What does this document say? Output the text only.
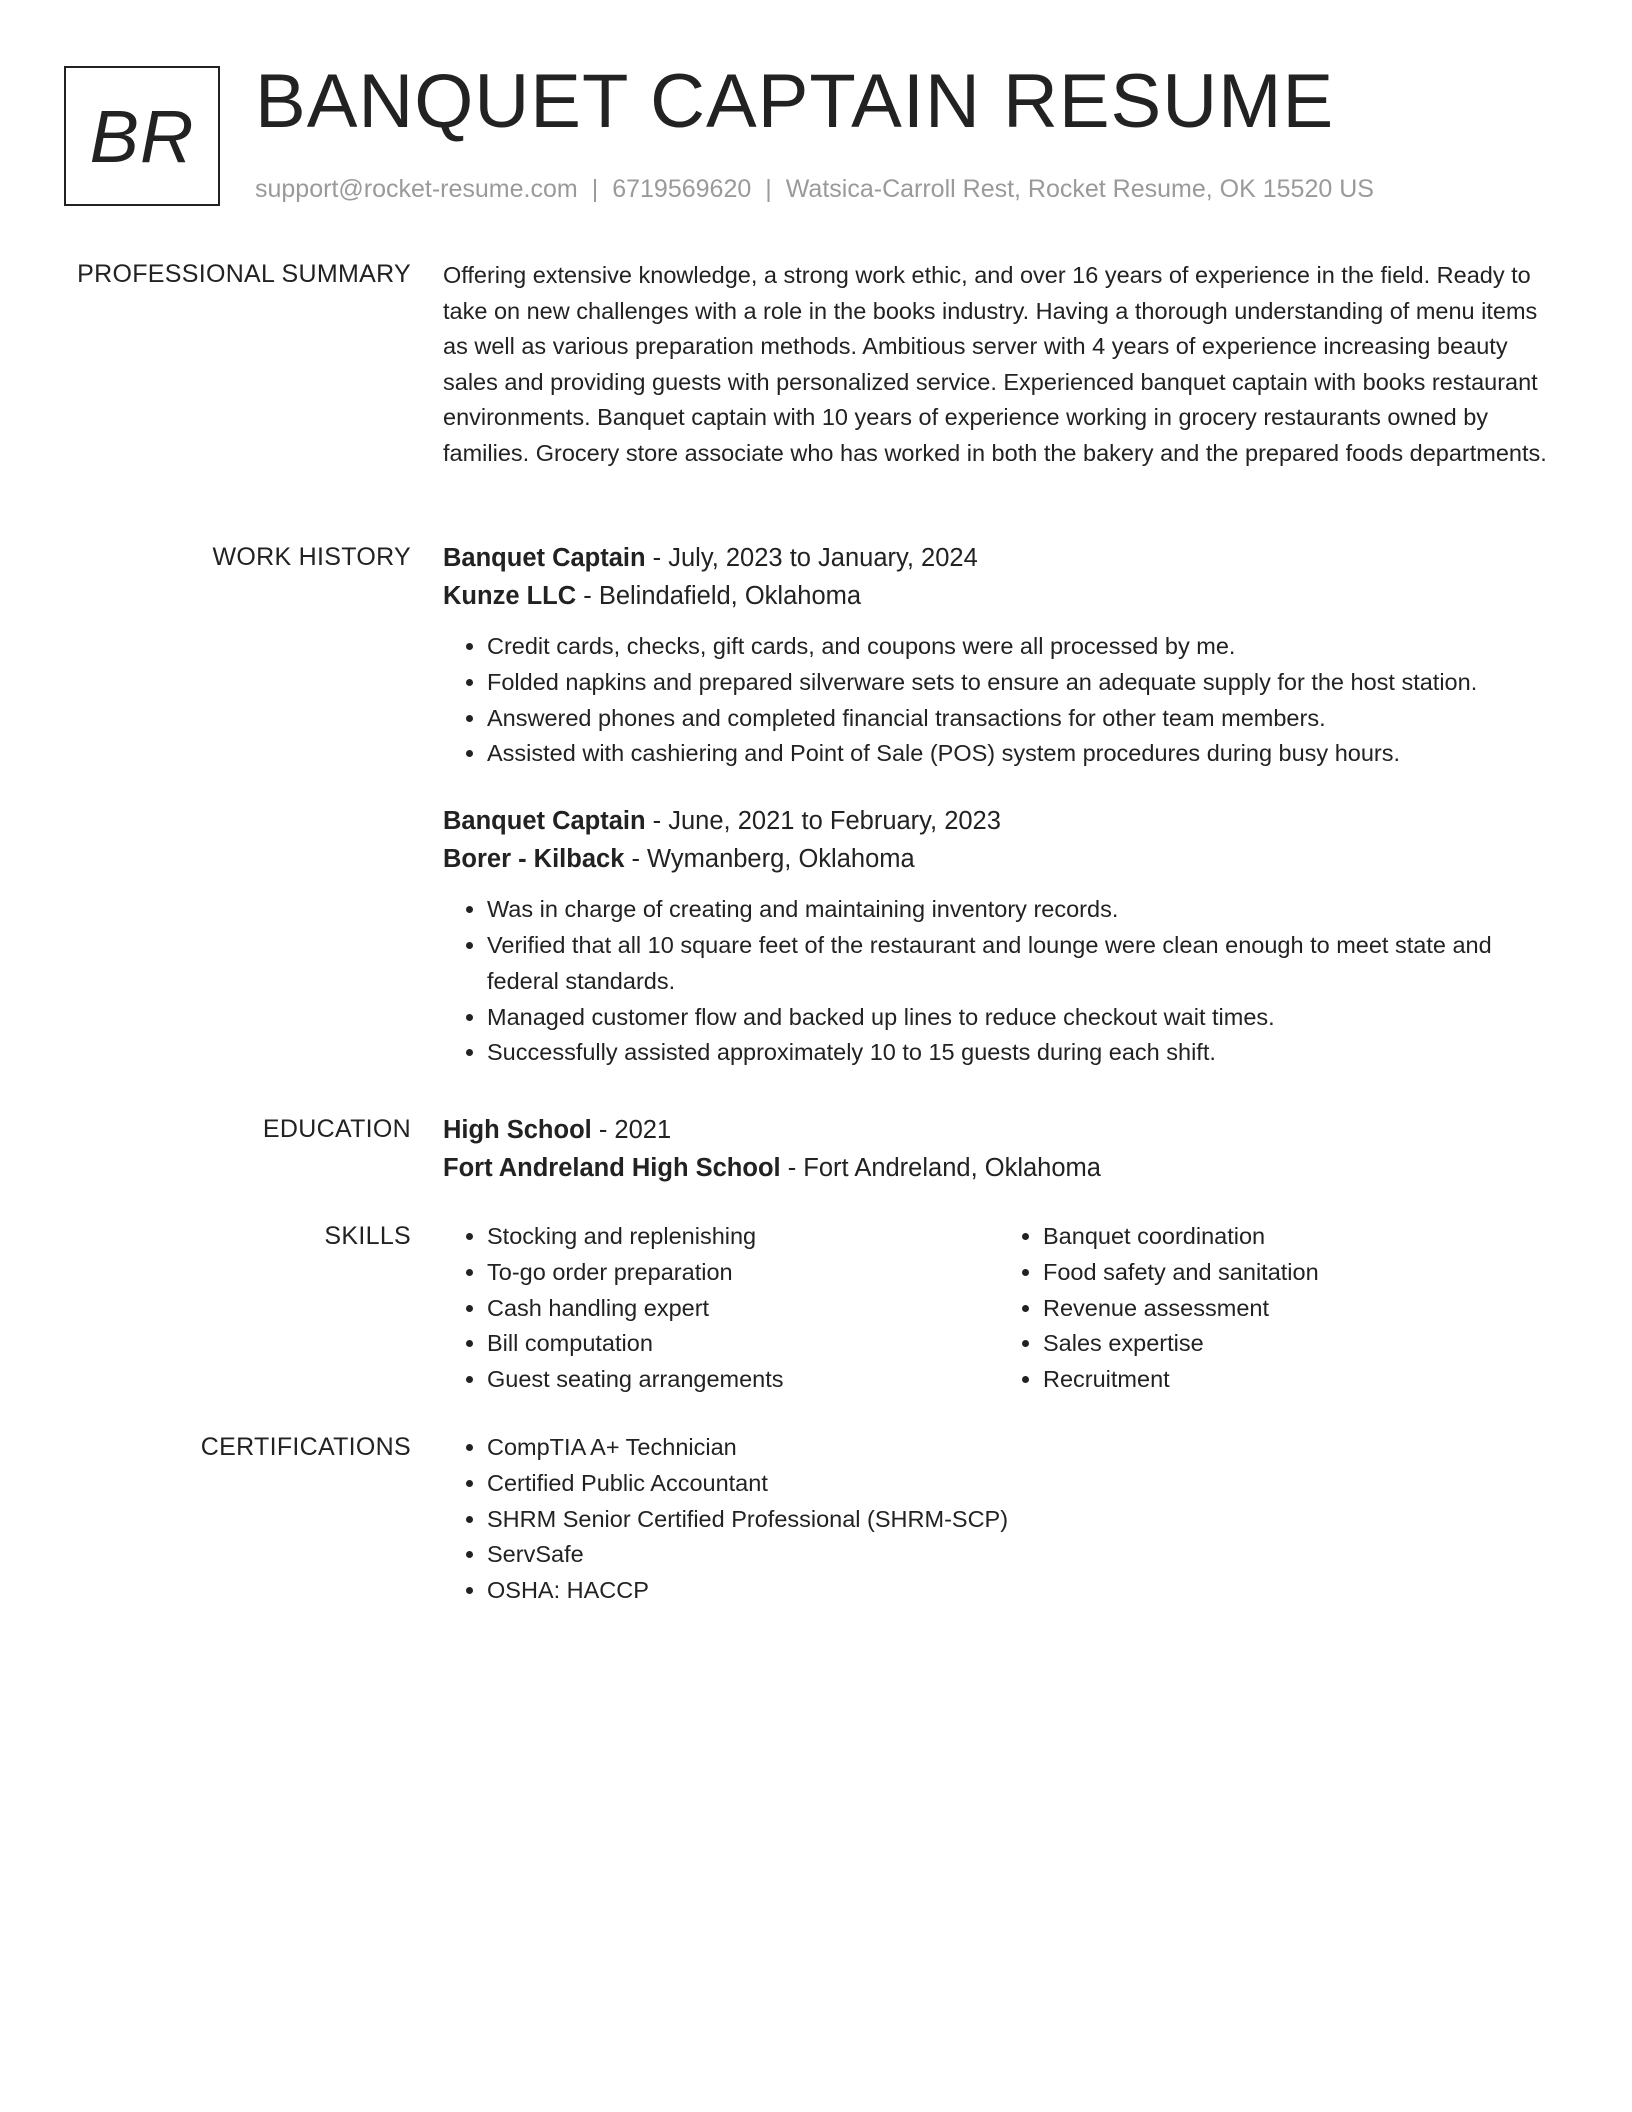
BR BANQUET CAPTAIN RESUME
support@rocket-resume.com | 6719569620 | Watsica-Carroll Rest, Rocket Resume, OK 15520 US
PROFESSIONAL SUMMARY Offering extensive knowledge, a strong work ethic, and over 16 years of experience in the field. Ready to take on new challenges with a role in the books industry. Having a thorough understanding of menu items as well as various preparation methods. Ambitious server with 4 years of experience increasing beauty sales and providing guests with personalized service. Experienced banquet captain with books restaurant environments. Banquet captain with 10 years of experience working in grocery restaurants owned by families. Grocery store associate who has worked in both the bakery and the prepared foods departments.

WORK HISTORY Banquet Captain - July, 2023 to January, 2024
Kunze LLC - Belindafield, Oklahoma
• Credit cards, checks, gift cards, and coupons were all processed by me.
• Folded napkins and prepared silverware sets to ensure an adequate supply for the host station.
• Answered phones and completed financial transactions for other team members.
• Assisted with cashiering and Point of Sale (POS) system procedures during busy hours.
Banquet Captain - June, 2021 to February, 2023
Borer - Kilback - Wymanberg, Oklahoma
• Was in charge of creating and maintaining inventory records.
• Verified that all 10 square feet of the restaurant and lounge were clean enough to meet state and federal standards.
• Managed customer flow and backed up lines to reduce checkout wait times.
• Successfully assisted approximately 10 to 15 guests during each shift.
EDUCATION High School - 2021
Fort Andreland High School - Fort Andreland, Oklahoma
SKILLS	• Stocking and replenishing
• To-go order preparation
• Cash handling expert
• Bill computation
• Guest seating arrangements
• Banquet coordination
• Food safety and sanitation
• Revenue assessment
• Sales expertise
• Recruitment
CERTIFICATIONS	• CompTIA A+ Technician
• Certified Public Accountant
• SHRM Senior Certified Professional (SHRM-SCP)
• ServSafe
• OSHA: HACCP
